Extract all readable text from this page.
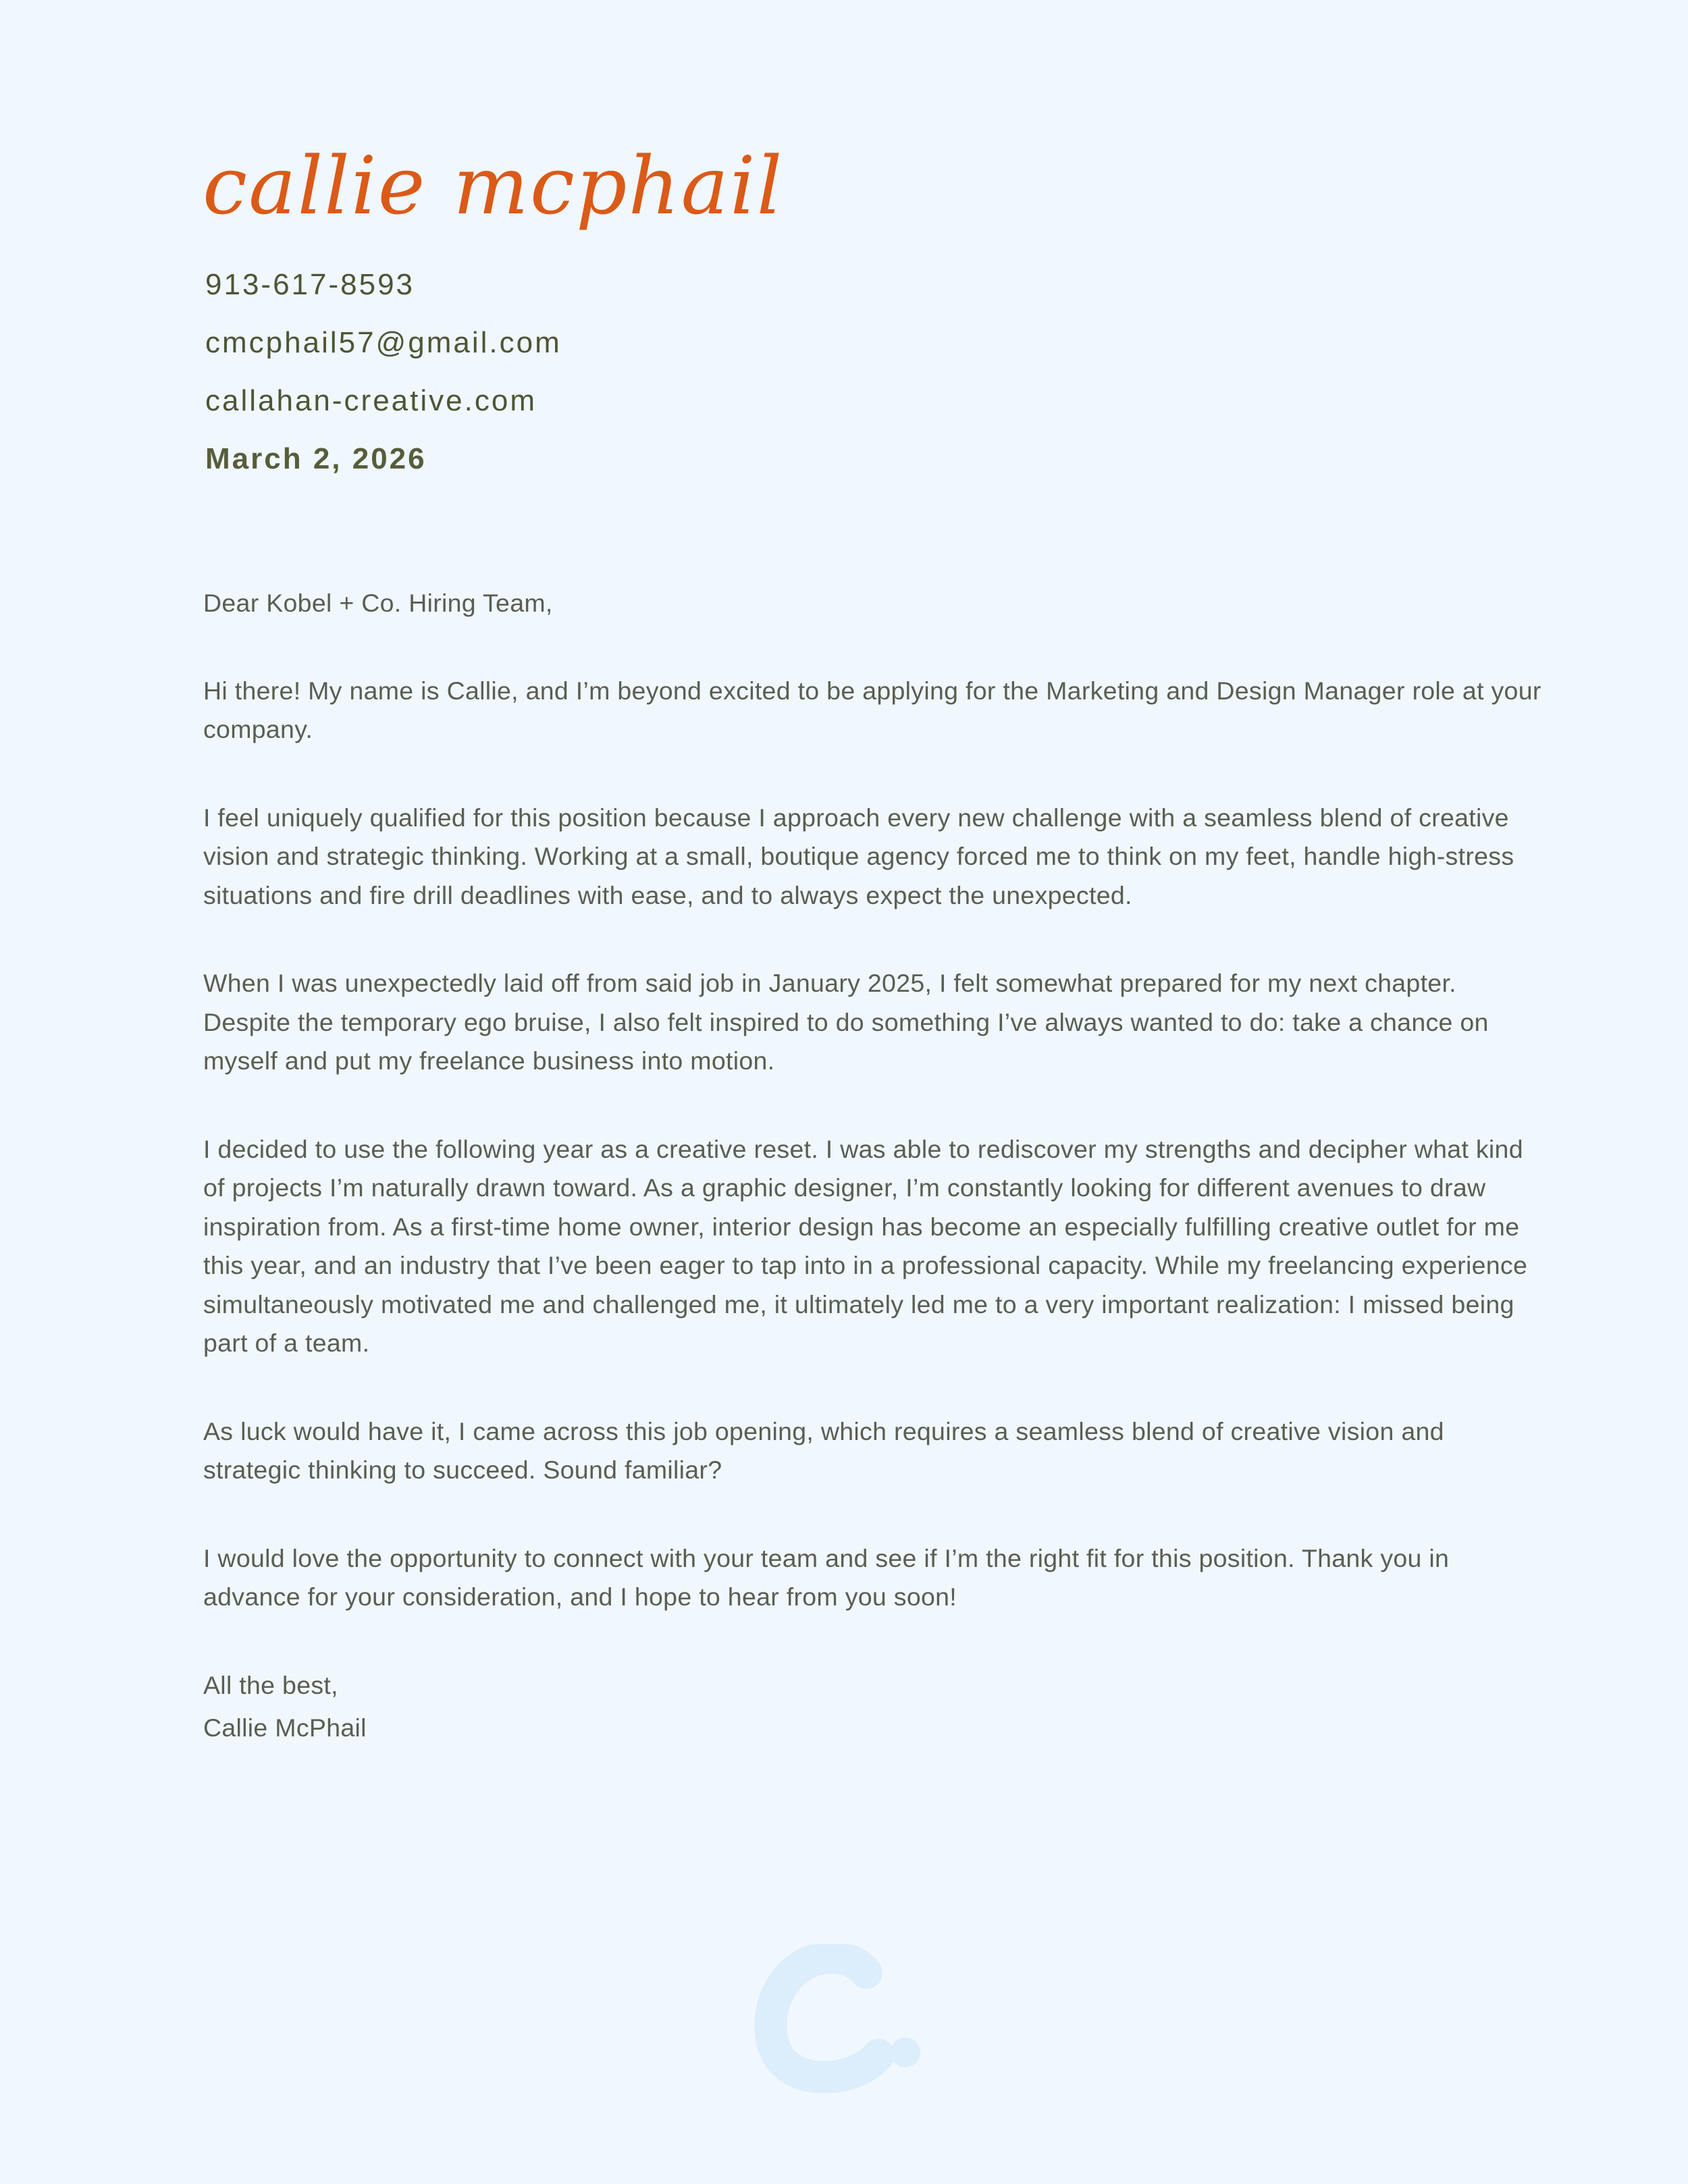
callie mcphail
913-617-8593
cmcphail57@gmail.com
callahan-creative.com
March 2, 2026

Dear Kobel + Co. Hiring Team,

Hi there! My name is Callie, and I’m beyond excited to be applying for the Marketing and Design Manager role at your company.

I feel uniquely qualified for this position because I approach every new challenge with a seamless blend of creative vision and strategic thinking. Working at a small, boutique agency forced me to think on my feet, handle high-stress situations and fire drill deadlines with ease, and to always expect the unexpected.

When I was unexpectedly laid off from said job in January 2025, I felt somewhat prepared for my next chapter. Despite the temporary ego bruise, I also felt inspired to do something I’ve always wanted to do: take a chance on myself and put my freelance business into motion.

I decided to use the following year as a creative reset. I was able to rediscover my strengths and decipher what kind of projects I’m naturally drawn toward. As a graphic designer, I’m constantly looking for different avenues to draw inspiration from. As a first-time home owner, interior design has become an especially fulfilling creative outlet for me this year, and an industry that I’ve been eager to tap into in a professional capacity. While my freelancing experience simultaneously motivated me and challenged me, it ultimately led me to a very important realization: I missed being part of a team.

As luck would have it, I came across this job opening, which requires a seamless blend of creative vision and strategic thinking to succeed. Sound familiar?

I would love the opportunity to connect with your team and see if I’m the right fit for this position. Thank you in advance for your consideration, and I hope to hear from you soon!

All the best,

Callie McPhail
